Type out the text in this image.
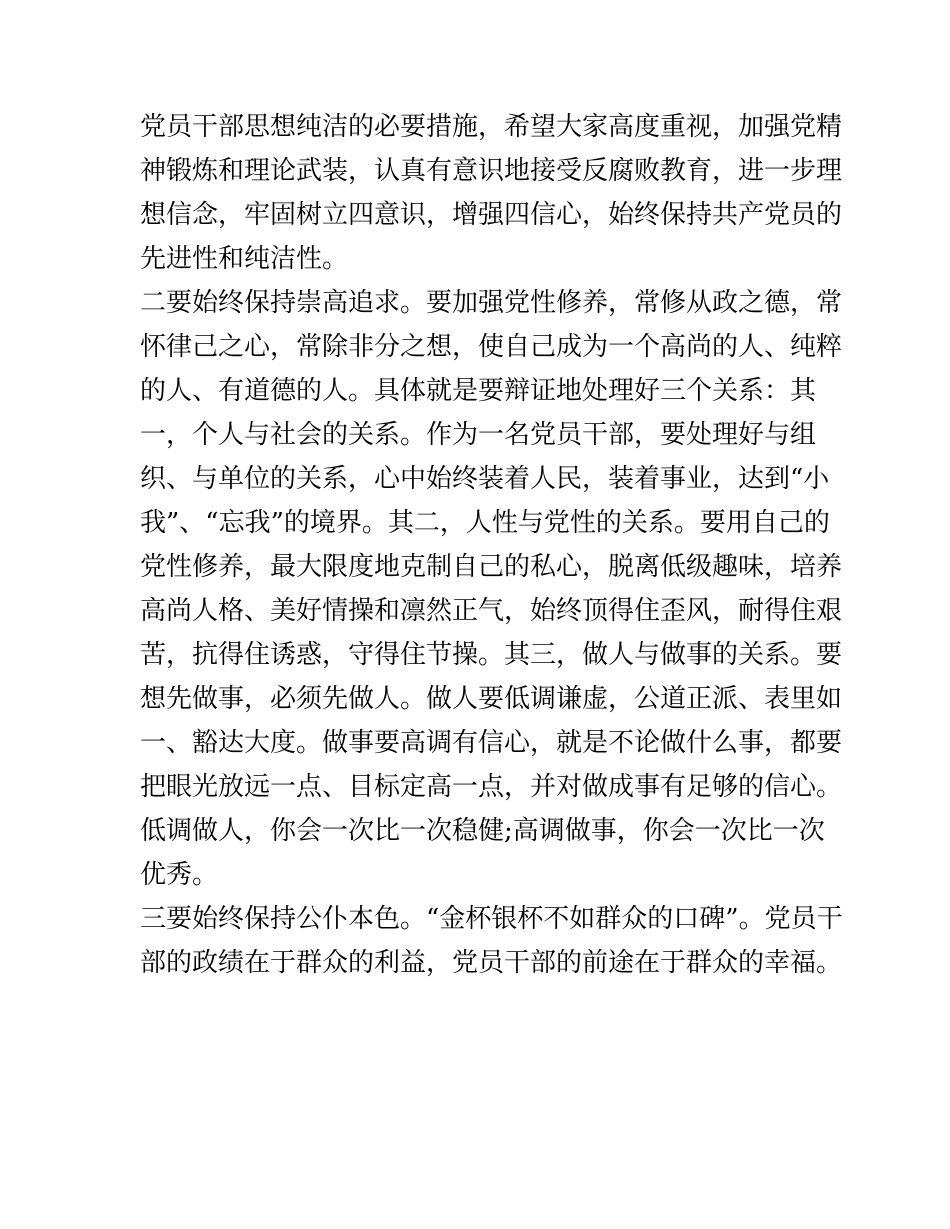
党员干部思想纯洁的必要措施，希望大家高度重视，加强党精
神锻炼和理论武装，认真有意识地接受反腐败教育，进一步理
想信念，牢固树立四意识，增强四信心，始终保持共产党员的
先进性和纯洁性。
二要始终保持崇高追求。要加强党性修养，常修从政之德，常
怀律己之心，常除非分之想，使自己成为一个高尚的人、纯粹
的人、有道德的人。具体就是要辩证地处理好三个关系：其
一，个人与社会的关系。作为一名党员干部，要处理好与组
织、与单位的关系，心中始终装着人民，装着事业，达到“小
我”、“忘我”的境界。其二，人性与党性的关系。要用自己的
党性修养，最大限度地克制自己的私心，脱离低级趣味，培养
高尚人格、美好情操和凛然正气，始终顶得住歪风，耐得住艰
苦，抗得住诱惑，守得住节操。其三，做人与做事的关系。要
想先做事，必须先做人。做人要低调谦虚，公道正派、表里如
一、豁达大度。做事要高调有信心，就是不论做什么事，都要
把眼光放远一点、目标定高一点，并对做成事有足够的信心。
低调做人，你会一次比一次稳健;高调做事，你会一次比一次
优秀。
三要始终保持公仆本色。“金杯银杯不如群众的口碑”。党员干
部的政绩在于群众的利益，党员干部的前途在于群众的幸福。
